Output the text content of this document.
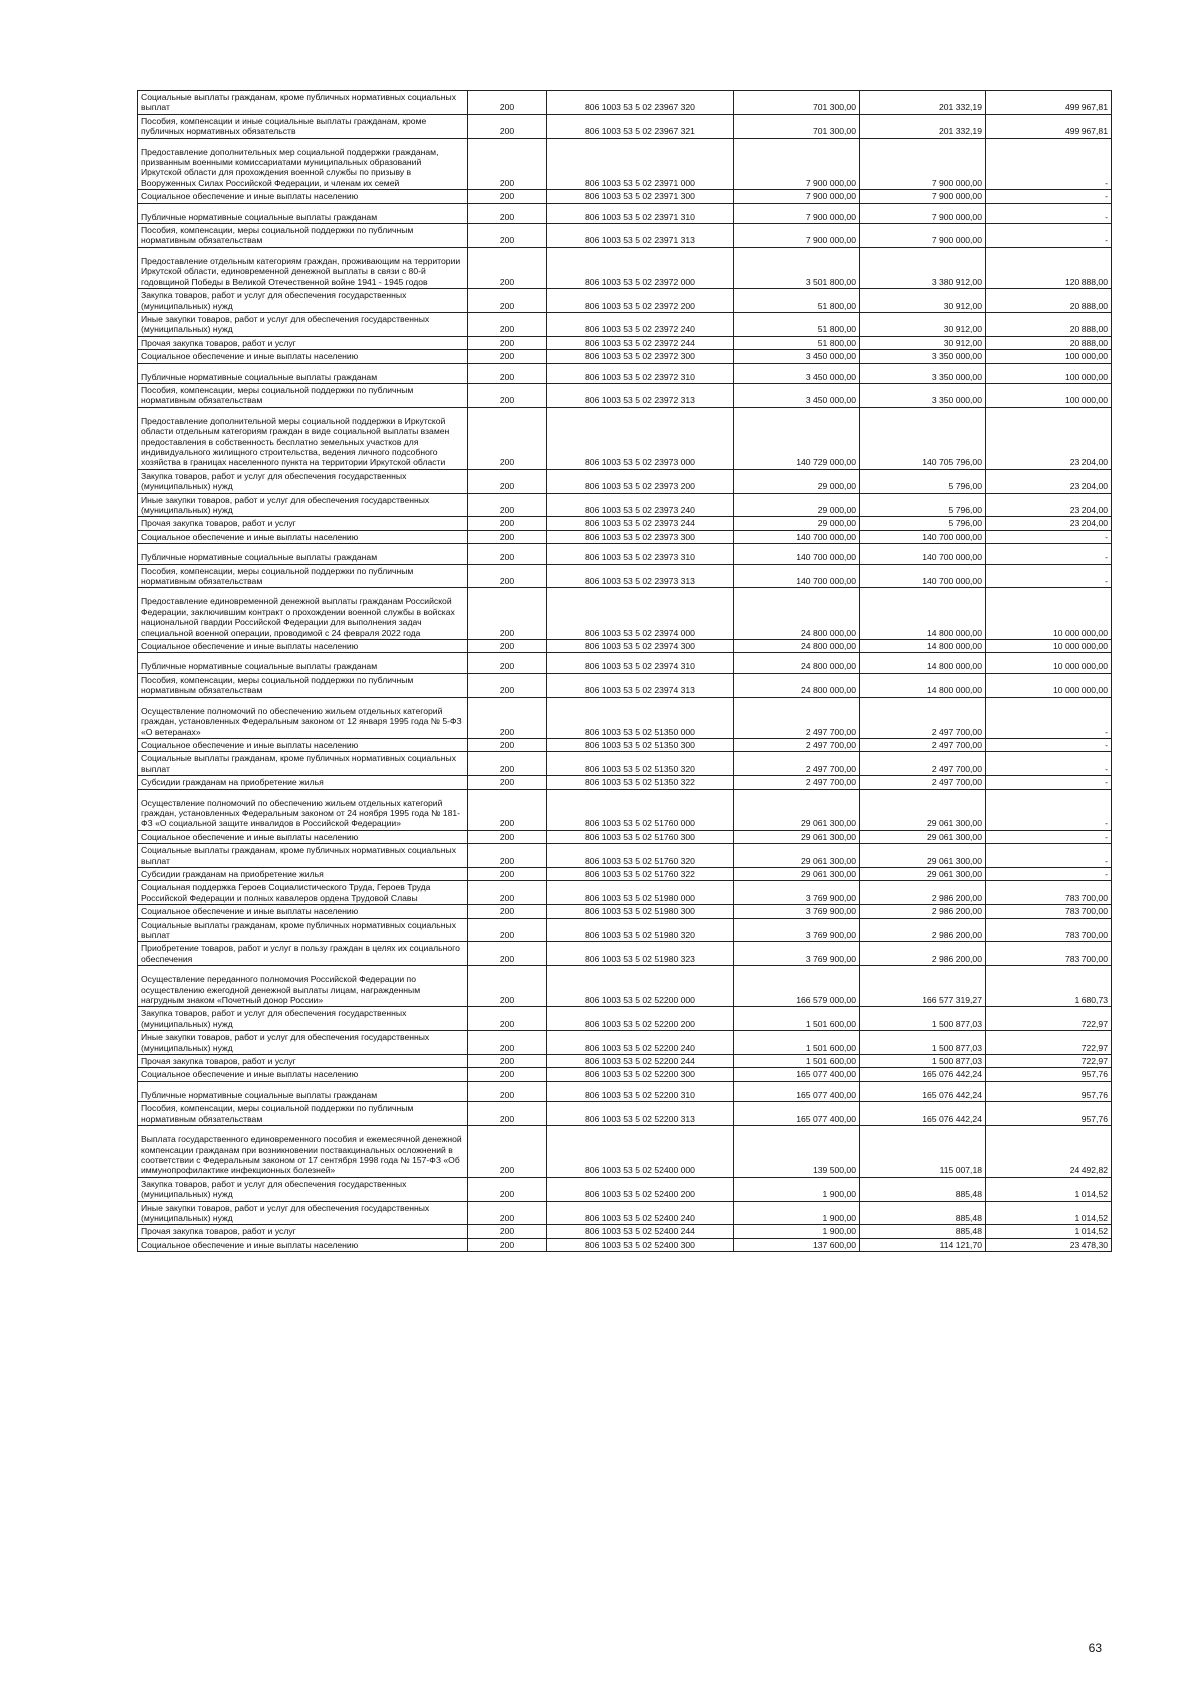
Социальные выплаты гражданам, кроме публичных нормативных социальных выплат	200	806 1003 53 5 02 23967 320	701 300,00	201 332,19	499 967,81
Пособия, компенсации и иные социальные выплаты гражданам, кроме публичных нормативных обязательств	200	806 1003 53 5 02 23967 321	701 300,00	201 332,19	499 967,81
Предоставление дополнительных мер социальной поддержки гражданам, призванным военными комиссариатами муниципальных образований Иркутской области для прохождения военной службы по призыву в Вооруженных Силах Российской Федерации, и членам их семей	200	806 1003 53 5 02 23971 000	7 900 000,00	7 900 000,00	-
Социальное обеспечение и иные выплаты населению	200	806 1003 53 5 02 23971 300	7 900 000,00	7 900 000,00	-
Публичные нормативные социальные выплаты гражданам	200	806 1003 53 5 02 23971 310	7 900 000,00	7 900 000,00	-
Пособия, компенсации, меры социальной поддержки по публичным нормативным обязательствам	200	806 1003 53 5 02 23971 313	7 900 000,00	7 900 000,00	-
Предоставление отдельным категориям граждан, проживающим на территории Иркутской области, единовременной денежной выплаты в связи с 80-й годовщиной Победы в Великой Отечественной войне 1941 - 1945 годов	200	806 1003 53 5 02 23972 000	3 501 800,00	3 380 912,00	120 888,00
Закупка товаров, работ и услуг для обеспечения государственных (муниципальных) нужд	200	806 1003 53 5 02 23972 200	51 800,00	30 912,00	20 888,00
Иные закупки товаров, работ и услуг для обеспечения государственных (муниципальных) нужд	200	806 1003 53 5 02 23972 240	51 800,00	30 912,00	20 888,00
Прочая закупка товаров, работ и услуг	200	806 1003 53 5 02 23972 244	51 800,00	30 912,00	20 888,00
Социальное обеспечение и иные выплаты населению	200	806 1003 53 5 02 23972 300	3 450 000,00	3 350 000,00	100 000,00
Публичные нормативные социальные выплаты гражданам	200	806 1003 53 5 02 23972 310	3 450 000,00	3 350 000,00	100 000,00
Пособия, компенсации, меры социальной поддержки по публичным нормативным обязательствам	200	806 1003 53 5 02 23972 313	3 450 000,00	3 350 000,00	100 000,00
Предоставление дополнительной меры социальной поддержки в Иркутской области отдельным категориям граждан в виде социальной выплаты взамен предоставления в собственность бесплатно земельных участков для индивидуального жилищного строительства, ведения личного подсобного хозяйства в границах населенного пункта на территории Иркутской области	200	806 1003 53 5 02 23973 000	140 729 000,00	140 705 796,00	23 204,00
Закупка товаров, работ и услуг для обеспечения государственных (муниципальных) нужд	200	806 1003 53 5 02 23973 200	29 000,00	5 796,00	23 204,00
Иные закупки товаров, работ и услуг для обеспечения государственных (муниципальных) нужд	200	806 1003 53 5 02 23973 240	29 000,00	5 796,00	23 204,00
Прочая закупка товаров, работ и услуг	200	806 1003 53 5 02 23973 244	29 000,00	5 796,00	23 204,00
Социальное обеспечение и иные выплаты населению	200	806 1003 53 5 02 23973 300	140 700 000,00	140 700 000,00	-
Публичные нормативные социальные выплаты гражданам	200	806 1003 53 5 02 23973 310	140 700 000,00	140 700 000,00	-
Пособия, компенсации, меры социальной поддержки по публичным нормативным обязательствам	200	806 1003 53 5 02 23973 313	140 700 000,00	140 700 000,00	-
Предоставление единовременной денежной выплаты гражданам Российской Федерации, заключившим контракт о прохождении военной службы в войсках национальной гвардии Российской Федерации для выполнения задач специальной военной операции, проводимой с 24 февраля 2022 года	200	806 1003 53 5 02 23974 000	24 800 000,00	14 800 000,00	10 000 000,00
Социальное обеспечение и иные выплаты населению	200	806 1003 53 5 02 23974 300	24 800 000,00	14 800 000,00	10 000 000,00
Публичные нормативные социальные выплаты гражданам	200	806 1003 53 5 02 23974 310	24 800 000,00	14 800 000,00	10 000 000,00
Пособия, компенсации, меры социальной поддержки по публичным нормативным обязательствам	200	806 1003 53 5 02 23974 313	24 800 000,00	14 800 000,00	10 000 000,00
Осуществление полномочий по обеспечению жильем отдельных категорий граждан, установленных Федеральным законом от 12 января 1995 года № 5-ФЗ «О ветеранах»	200	806 1003 53 5 02 51350 000	2 497 700,00	2 497 700,00	-
Социальное обеспечение и иные выплаты населению	200	806 1003 53 5 02 51350 300	2 497 700,00	2 497 700,00	-
Социальные выплаты гражданам, кроме публичных нормативных социальных выплат	200	806 1003 53 5 02 51350 320	2 497 700,00	2 497 700,00	-
Субсидии гражданам на приобретение жилья	200	806 1003 53 5 02 51350 322	2 497 700,00	2 497 700,00	-
Осуществление полномочий по обеспечению жильем отдельных категорий граждан, установленных Федеральным законом от 24 ноября 1995 года № 181-ФЗ «О социальной защите инвалидов в Российской Федерации»	200	806 1003 53 5 02 51760 000	29 061 300,00	29 061 300,00	-
Социальное обеспечение и иные выплаты населению	200	806 1003 53 5 02 51760 300	29 061 300,00	29 061 300,00	-
Социальные выплаты гражданам, кроме публичных нормативных социальных выплат	200	806 1003 53 5 02 51760 320	29 061 300,00	29 061 300,00	-
Субсидии гражданам на приобретение жилья	200	806 1003 53 5 02 51760 322	29 061 300,00	29 061 300,00	-
Социальная поддержка Героев Социалистического Труда, Героев Труда Российской Федерации и полных кавалеров ордена Трудовой Славы	200	806 1003 53 5 02 51980 000	3 769 900,00	2 986 200,00	783 700,00
Социальное обеспечение и иные выплаты населению	200	806 1003 53 5 02 51980 300	3 769 900,00	2 986 200,00	783 700,00
Социальные выплаты гражданам, кроме публичных нормативных социальных выплат	200	806 1003 53 5 02 51980 320	3 769 900,00	2 986 200,00	783 700,00
Приобретение товаров, работ и услуг в пользу граждан в целях их социального обеспечения	200	806 1003 53 5 02 51980 323	3 769 900,00	2 986 200,00	783 700,00
Осуществление переданного полномочия Российской Федерации по осуществлению ежегодной денежной выплаты лицам, награжденным нагрудным знаком «Почетный донор России»	200	806 1003 53 5 02 52200 000	166 579 000,00	166 577 319,27	1 680,73
Закупка товаров, работ и услуг для обеспечения государственных (муниципальных) нужд	200	806 1003 53 5 02 52200 200	1 501 600,00	1 500 877,03	722,97
Иные закупки товаров, работ и услуг для обеспечения государственных (муниципальных) нужд	200	806 1003 53 5 02 52200 240	1 501 600,00	1 500 877,03	722,97
Прочая закупка товаров, работ и услуг	200	806 1003 53 5 02 52200 244	1 501 600,00	1 500 877,03	722,97
Социальное обеспечение и иные выплаты населению	200	806 1003 53 5 02 52200 300	165 077 400,00	165 076 442,24	957,76
Публичные нормативные социальные выплаты гражданам	200	806 1003 53 5 02 52200 310	165 077 400,00	165 076 442,24	957,76
Пособия, компенсации, меры социальной поддержки по публичным нормативным обязательствам	200	806 1003 53 5 02 52200 313	165 077 400,00	165 076 442,24	957,76
Выплата государственного единовременного пособия и ежемесячной денежной компенсации гражданам при возникновении поствакцинальных осложнений в соответствии с Федеральным законом от 17 сентября 1998 года № 157-ФЗ «Об иммунопрофилактике инфекционных болезней»	200	806 1003 53 5 02 52400 000	139 500,00	115 007,18	24 492,82
Закупка товаров, работ и услуг для обеспечения государственных (муниципальных) нужд	200	806 1003 53 5 02 52400 200	1 900,00	885,48	1 014,52
Иные закупки товаров, работ и услуг для обеспечения государственных (муниципальных) нужд	200	806 1003 53 5 02 52400 240	1 900,00	885,48	1 014,52
Прочая закупка товаров, работ и услуг	200	806 1003 53 5 02 52400 244	1 900,00	885,48	1 014,52
Социальное обеспечение и иные выплаты населению	200	806 1003 53 5 02 52400 300	137 600,00	114 121,70	23 478,30
63
